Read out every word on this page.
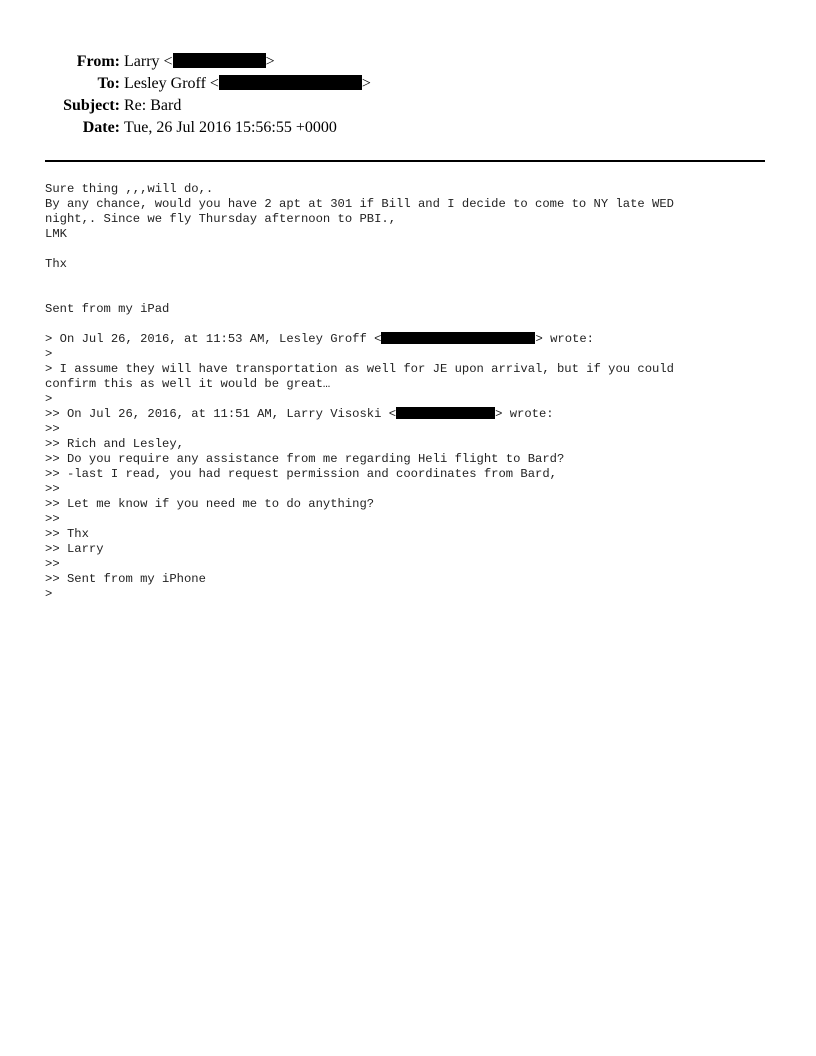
From: Larry <	>
To: Lesley Groff <	>
Subject: Re: Bard
Date: Tue, 26 Jul 2016 15:56:55 +0000
Sure thing ,,,will do,.
By any chance, would you have 2 apt at 301 if Bill and I decide to come to NY late WED
night,. Since we fly Thursday afternoon to PBI.,
LMK
Thx
Sent from my iPad
> On Jul 26, 2016, at 11:53 AM, Lesley Groff <	> wrote:
>
> I assume they will have transportation as well for JE upon arrival, but if you could
confirm this as well it would be great…
>
>> On Jul 26, 2016, at 11:51 AM, Larry Visoski <	> wrote:
>>
>> Rich and Lesley,
>> Do you require any assistance from me regarding Heli flight to Bard?
>> -last I read, you had request permission and coordinates from Bard,
>>
>> Let me know if you need me to do anything?
>>
>> Thx
>> Larry
>>
>> Sent from my iPhone
>
